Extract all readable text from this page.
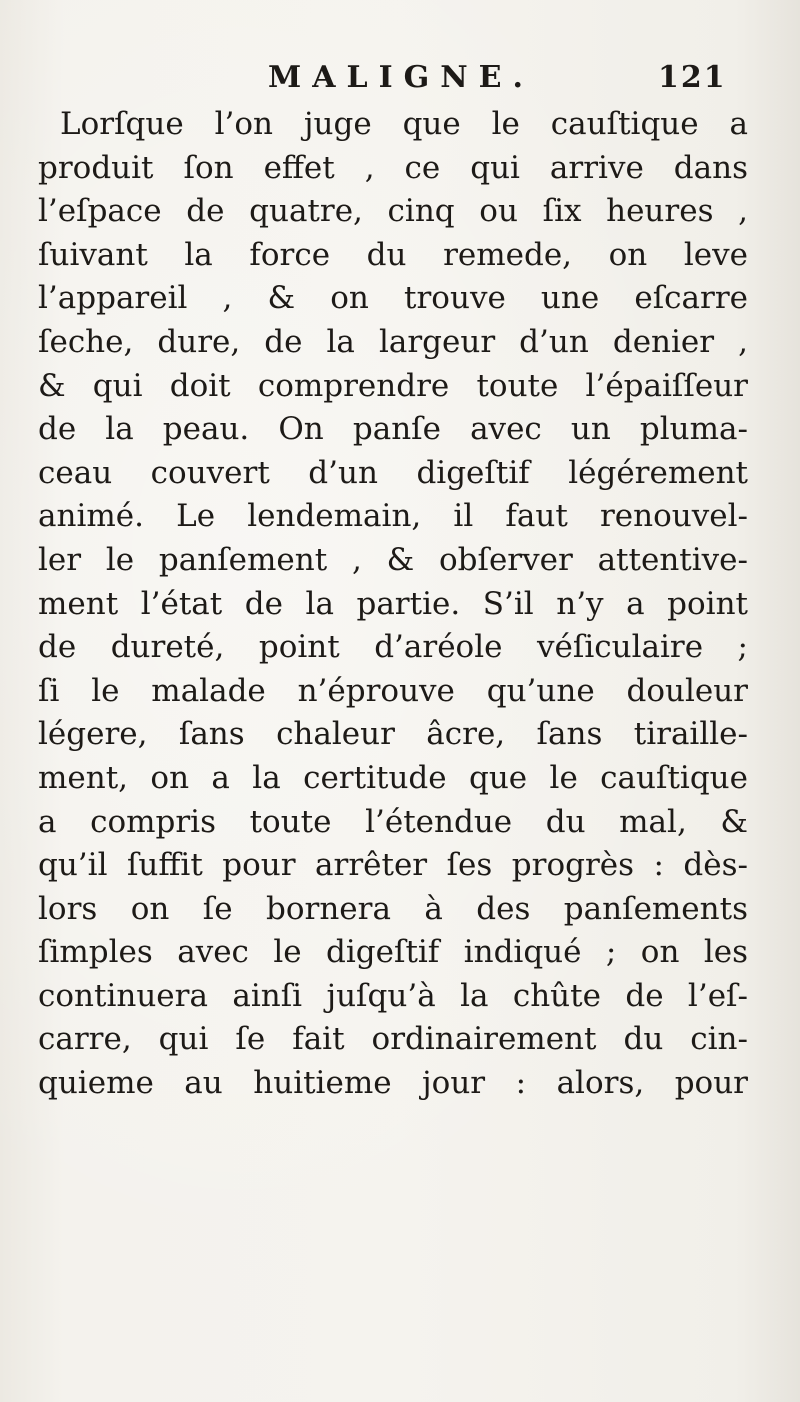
MALIGNE.	121
Lorſque l’on juge que le cauſtique a
produit ſon effet , ce qui arrive dans
l’eſpace de quatre, cinq ou ſix heures ,
ſuivant la force du remede, on leve
l’appareil , & on trouve une eſcarre
ſeche, dure, de la largeur d’un denier ,
& qui doit comprendre toute l’épaiſſeur
de la peau. On panſe avec un pluma-
ceau couvert d’un digeſtif légérement
animé. Le lendemain, il faut renouvel-
ler le panſement , & obſerver attentive-
ment l’état de la partie. S’il n’y a point
de dureté, point d’aréole véſiculaire ;
ſi le malade n’éprouve qu’une douleur
légere, ſans chaleur âcre, ſans tiraille-
ment, on a la certitude que le cauſtique
a compris toute l’étendue du mal, &
qu’il ſuffit pour arrêter ſes progrès : dès-
lors on ſe bornera à des panſements
ſimples avec le digeſtif indiqué ; on les
continuera ainſi juſqu’à la chûte de l’eſ-
carre, qui ſe fait ordinairement du cin-
quieme au huitieme jour : alors, pour
